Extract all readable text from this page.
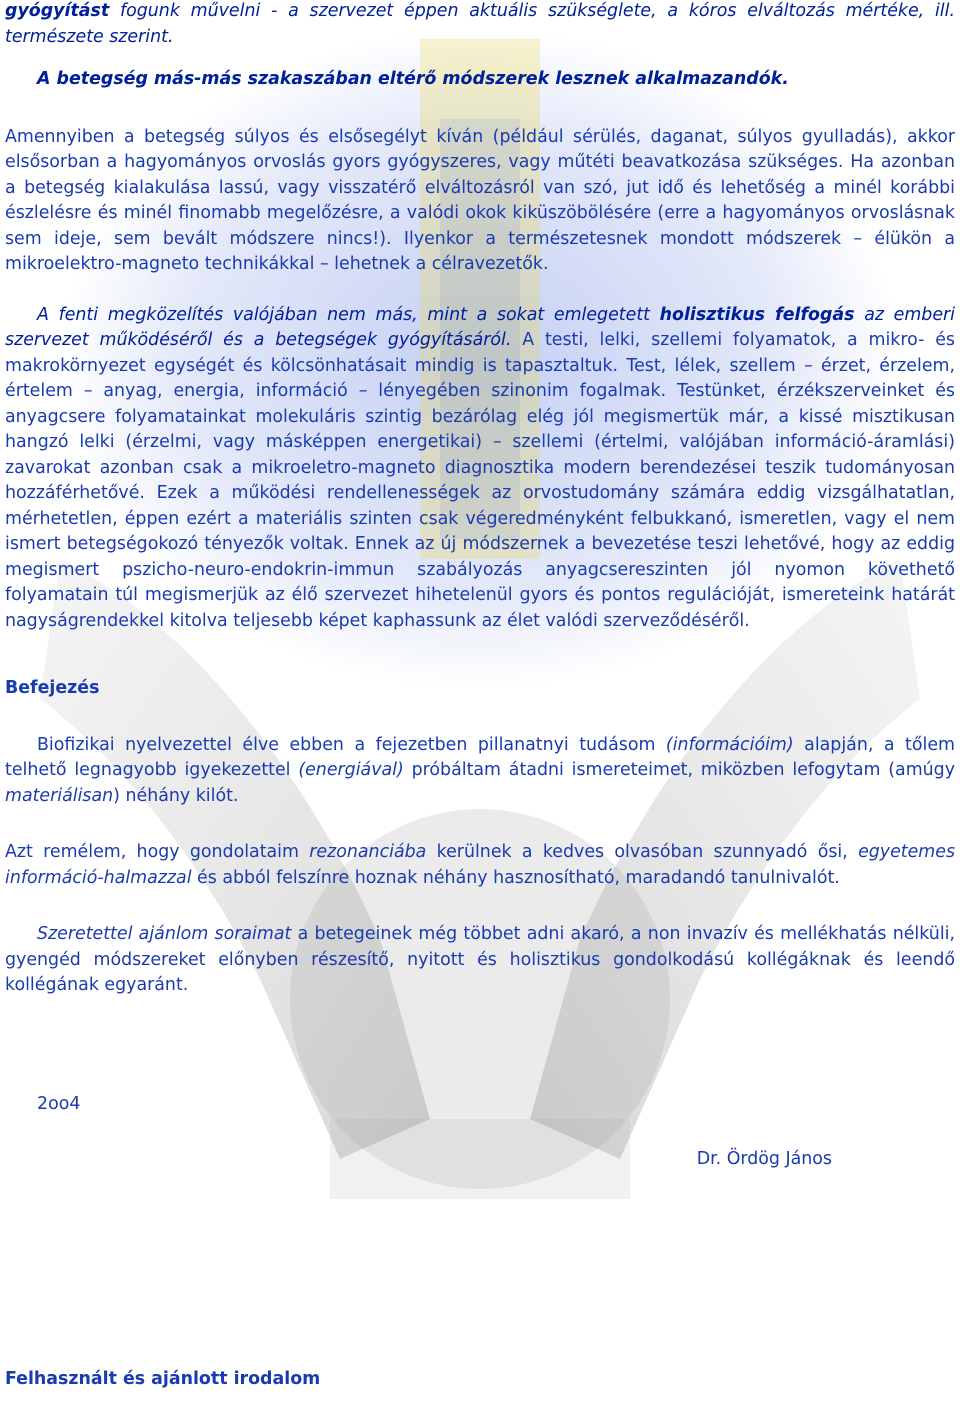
gyógyítást fogunk művelni - a szervezet éppen aktuális szükséglete, a kóros elváltozás mértéke, ill. természete szerint.

A betegség más-más szakaszában eltérő módszerek lesznek alkalmazandók.

Amennyiben a betegség súlyos és elsősegélyt kíván (például sérülés, daganat, súlyos gyulladás), akkor elsősorban a hagyományos orvoslás gyors gyógyszeres, vagy műtéti beavatkozása szükséges. Ha azonban a betegség kialakulása lassú, vagy visszatérő elváltozásról van szó, jut idő és lehetőség a minél korábbi észlelésre és minél finomabb megelőzésre, a valódi okok kiküszöbölésére (erre a hagyományos orvoslásnak sem ideje, sem bevált módszere nincs!). Ilyenkor a természetesnek mondott módszerek – élükön a mikroelektro-magneto technikákkal – lehetnek a célravezetők.

A fenti megközelítés valójában nem más, mint a sokat emlegetett holisztikus felfogás az emberi szervezet működéséről és a betegségek gyógyításáról. A testi, lelki, szellemi folyamatok, a mikro- és makrokörnyezet egységét és kölcsönhatásait mindig is tapasztaltuk. Test, lélek, szellem – érzet, érzelem, értelem – anyag, energia, információ – lényegében szinonim fogalmak. Testünket, érzékszerveinket és anyagcsere folyamatainkat molekuláris szintig bezárólag elég jól megismertük már, a kissé misztikusan hangzó lelki (érzelmi, vagy másképpen energetikai) – szellemi (értelmi, valójában információ-áramlási) zavarokat azonban csak a mikroeletro-magneto diagnosztika modern berendezései teszik tudományosan hozzáférhetővé. Ezek a működési rendellenességek az orvostudomány számára eddig vizsgálhatatlan, mérhetetlen, éppen ezért a materiális szinten csak végeredményként felbukkanó, ismeretlen, vagy el nem ismert betegségokozó tényezők voltak. Ennek az új módszernek a bevezetése teszi lehetővé, hogy az eddig megismert pszicho-neuro-endokrin-immun szabályozás anyagcsereszinten jól nyomon követhető folyamatain túl megismerjük az élő szervezet hihetelenül gyors és pontos regulációját, ismereteink határát nagyságrendekkel kitolva teljesebb képet kaphassunk az élet valódi szerveződéséről.

Befejezés

Biofizikai nyelvezettel élve ebben a fejezetben pillanatnyi tudásom (információim) alapján, a tőlem telhető legnagyobb igyekezettel (energiával) próbáltam átadni ismereteimet, miközben lefogytam (amúgy materiálisan) néhány kilót.

Azt remélem, hogy gondolataim rezonanciába kerülnek a kedves olvasóban szunnyadó ősi, egyetemes információ-halmazzal és abból felszínre hoznak néhány hasznosítható, maradandó tanulnivalót.

Szeretettel ajánlom soraimat a betegeinek még többet adni akaró, a non invazív és mellékhatás nélküli, gyengéd módszereket előnyben részesítő, nyitott és holisztikus gondolkodású kollégáknak és leendő kollégának egyaránt.

2oo4

Dr. Ördög János

Felhasznált és ajánlott irodalom
